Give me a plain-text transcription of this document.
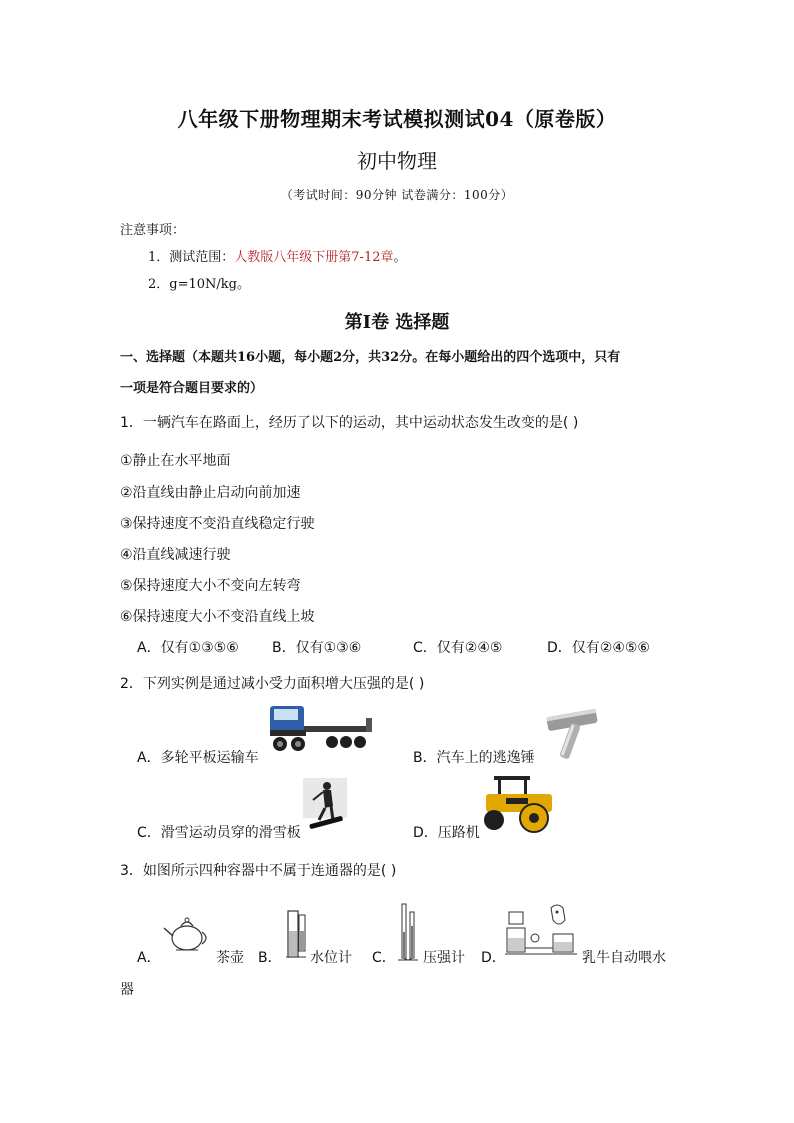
八年级下册物理期末考试模拟测试04（原卷版）
初中物理
（考试时间：90分钟 试卷满分：100分）
注意事项：
1．测试范围：人教版八年级下册第7-12章。
2．g=10N/kg。
第Ⅰ卷 选择题
一、选择题（本题共16小题，每小题2分，共32分。在每小题给出的四个选项中，只有
一项是符合题目要求的）
1．一辆汽车在路面上，经历了以下的运动，其中运动状态发生改变的是( )
①静止在水平地面
②沿直线由静止启动向前加速
③保持速度不变沿直线稳定行驶
④沿直线减速行驶
⑤保持速度大小不变向左转弯
⑥保持速度大小不变沿直线上坡
A．仅有①③⑤⑥ B．仅有①③⑥	C．仅有②④⑤	D．仅有②④⑤⑥
2．下列实例是通过减小受力面积增大压强的是( )
A．多轮平板运输车	B．汽车上的逃逸锤
C．滑雪运动员穿的滑雪板	D．压路机
3．如图所示四种容器中不属于连通器的是( )
A．	茶壶 B． 水位计 C． 压强计 D．	乳牛自动喂水
器
